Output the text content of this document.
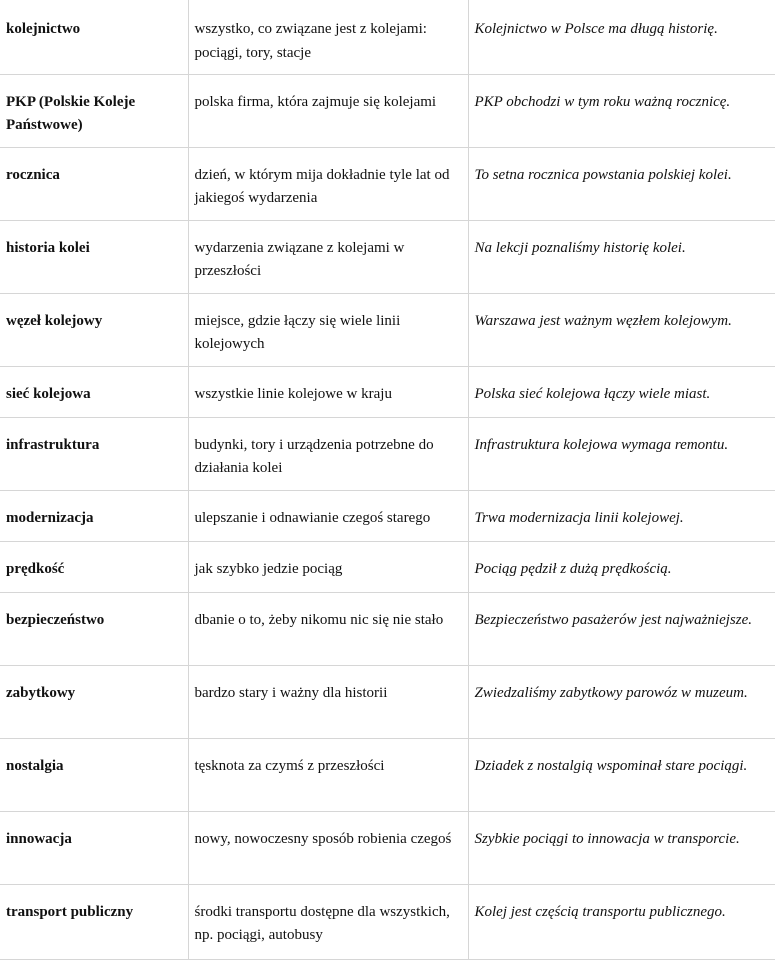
kolejnictwo	wszystko, co związane jest z kolejami: pociągi, tory, stacje	Kolejnictwo w Polsce ma długą historię.

PKP (Polskie Koleje Państwowe)	polska firma, która zajmuje się kolejami	PKP obchodzi w tym roku ważną rocznicę.

rocznica	dzień, w którym mija dokładnie tyle lat od jakiegoś wydarzenia	To setna rocznica powstania polskiej kolei.

historia kolei	wydarzenia związane z kolejami w przeszłości	Na lekcji poznaliśmy historię kolei.

węzeł kolejowy	miejsce, gdzie łączy się wiele linii kolejowych	Warszawa jest ważnym węzłem kolejowym.

sieć kolejowa	wszystkie linie kolejowe w kraju	Polska sieć kolejowa łączy wiele miast.

infrastruktura	budynki, tory i urządzenia potrzebne do działania kolei	Infrastruktura kolejowa wymaga remontu.

modernizacja	ulepszanie i odnawianie czegoś starego	Trwa modernizacja linii kolejowej.

prędkość	jak szybko jedzie pociąg	Pociąg pędził z dużą prędkością.

bezpieczeństwo	dbanie o to, żeby nikomu nic się nie stało	Bezpieczeństwo pasażerów jest najważniejsze.

zabytkowy	bardzo stary i ważny dla historii	Zwiedzaliśmy zabytkowy parowóz w muzeum.

nostalgia	tęsknota za czymś z przeszłości	Dziadek z nostalgią wspominał stare pociągi.

innowacja	nowy, nowoczesny sposób robienia czegoś	Szybkie pociągi to innowacja w transporcie.

transport publiczny	środki transportu dostępne dla wszystkich, np. pociągi, autobusy	Kolej jest częścią transportu publicznego.
